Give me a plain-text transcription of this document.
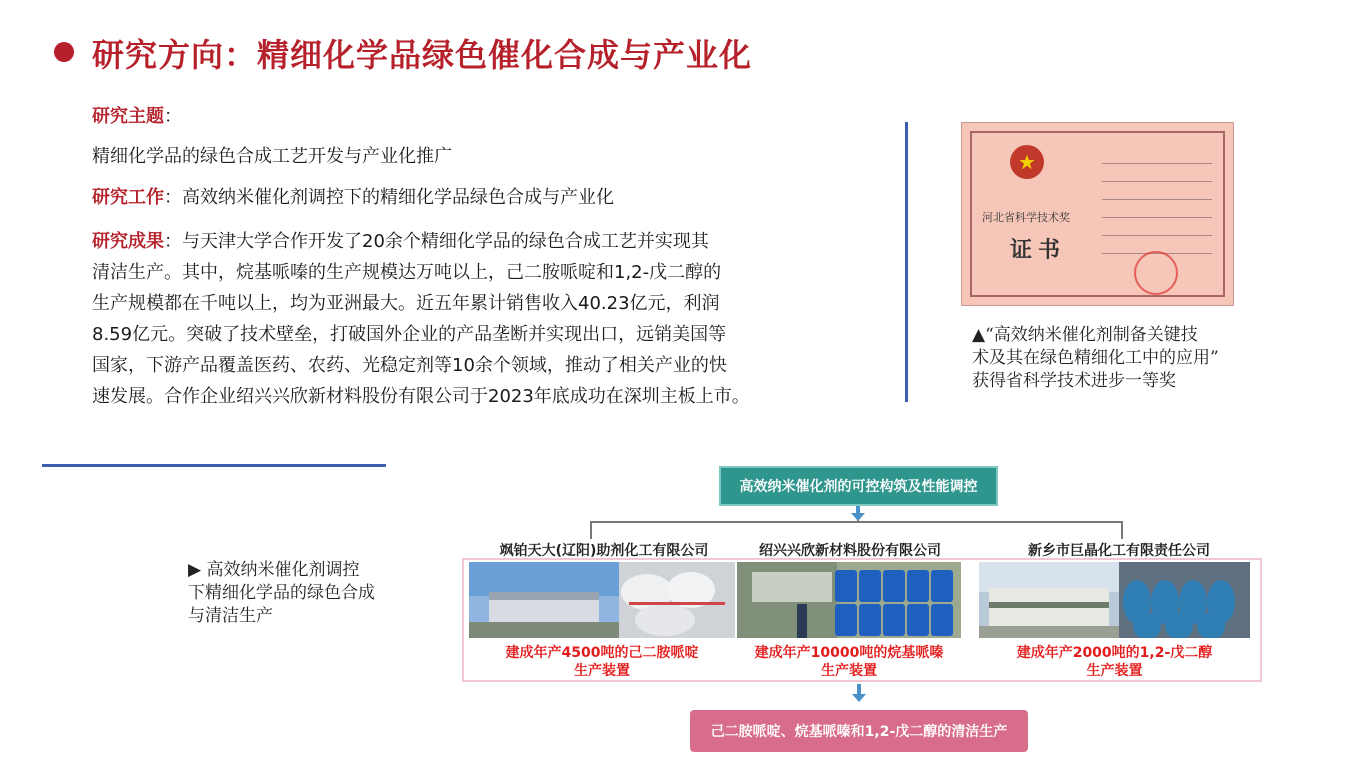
研究方向：精细化学品绿色催化合成与产业化
研究主题：
精细化学品的绿色合成工艺开发与产业化推广
研究工作：高效纳米催化剂调控下的精细化学品绿色合成与产业化
研究成果：与天津大学合作开发了20余个精细化学品的绿色合成工艺并实现其
清洁生产。其中，烷基哌嗪的生产规模达万吨以上，己二胺哌啶和1,2-戊二醇的
生产规模都在千吨以上，均为亚洲最大。近五年累计销售收入40.23亿元，利润
8.59亿元。突破了技术壁垒，打破国外企业的产品垄断并实现出口，远销美国等
国家，下游产品覆盖医药、农药、光稳定剂等10余个领域，推动了相关产业的快
速发展。合作企业绍兴兴欣新材料股份有限公司于2023年底成功在深圳主板上市。
★
河北省科学技术奖
证书
▲“高效纳米催化剂制备关键技
术及其在绿色精细化工中的应用”
获得省科学技术进步一等奖
▶ 高效纳米催化剂调控
下精细化学品的绿色合成
与清洁生产
高效纳米催化剂的可控构筑及性能调控
飒铂天大(辽阳)助剂化工有限公司	绍兴兴欣新材料股份有限公司	新乡市巨晶化工有限责任公司
建成年产4500吨的己二胺哌啶
生产装置
建成年产10000吨的烷基哌嗪
生产装置
建成年产2000吨的1,2-戊二醇
生产装置
己二胺哌啶、烷基哌嗪和1,2-戊二醇的清洁生产
